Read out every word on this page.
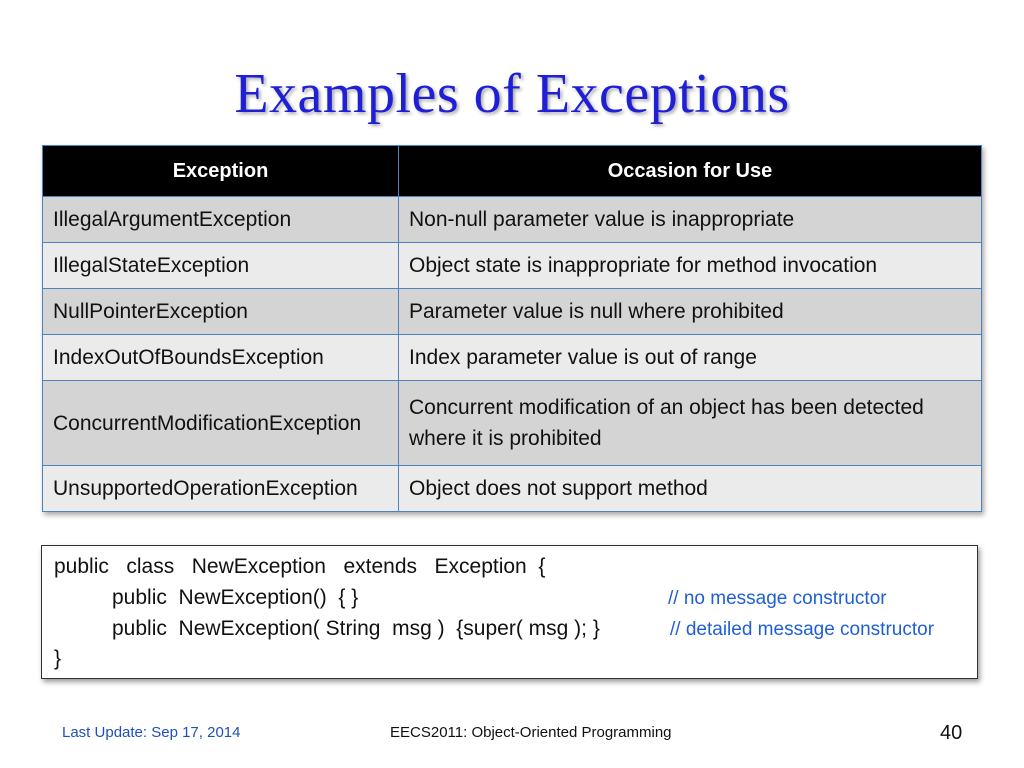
Examples of Exceptions
Exception	Occasion for Use
IllegalArgumentException	Non-null parameter value is inappropriate
IllegalStateException	Object state is inappropriate for method invocation
NullPointerException	Parameter value is null where prohibited
IndexOutOfBoundsException	Index parameter value is out of range
ConcurrentModificationException	Concurrent modification of an object has been detected where it is prohibited
UnsupportedOperationException	Object does not support method
public   class   NewException   extends   Exception  {
public  NewException()  { }	// no message constructor
public  NewException( String  msg )  {super( msg ); }	// detailed message constructor
}
Last Update: Sep 17, 2014	EECS2011: Object-Oriented Programming	40
